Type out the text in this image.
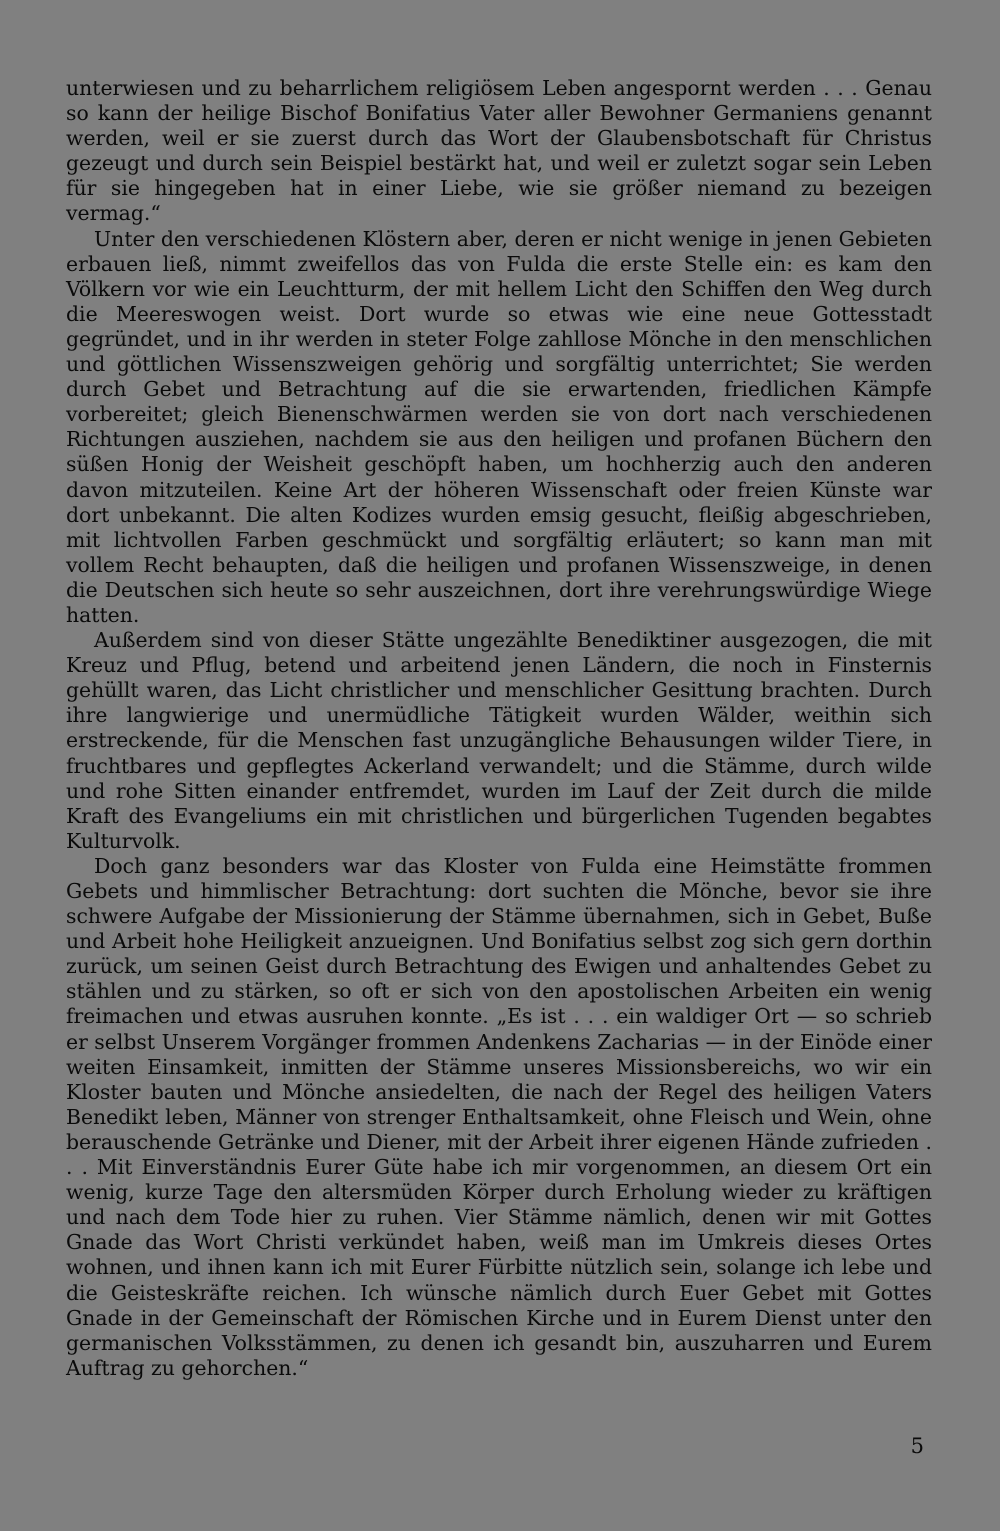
unterwiesen und zu beharrlichem religiösem Leben angespornt werden . . . Genau so kann der heilige Bischof Bonifatius Vater aller Bewohner Germaniens genannt werden, weil er sie zuerst durch das Wort der Glaubensbotschaft für Christus gezeugt und durch sein Beispiel bestärkt hat, und weil er zuletzt sogar sein Leben für sie hingegeben hat in einer Liebe, wie sie größer niemand zu bezeigen vermag.“

Unter den verschiedenen Klöstern aber, deren er nicht wenige in jenen Gebieten erbauen ließ, nimmt zweifellos das von Fulda die erste Stelle ein: es kam den Völkern vor wie ein Leuchtturm, der mit hellem Licht den Schiffen den Weg durch die Meereswogen weist. Dort wurde so etwas wie eine neue Gottesstadt gegründet, und in ihr werden in steter Folge zahllose Mönche in den menschlichen und göttlichen Wissenszweigen gehörig und sorgfältig unterrichtet; Sie werden durch Gebet und Betrachtung auf die sie erwartenden, friedlichen Kämpfe vorbereitet; gleich Bienenschwärmen werden sie von dort nach verschiedenen Richtungen ausziehen, nachdem sie aus den heiligen und profanen Büchern den süßen Honig der Weisheit geschöpft haben, um hochherzig auch den anderen davon mitzuteilen. Keine Art der höheren Wissenschaft oder freien Künste war dort unbekannt. Die alten Kodizes wurden emsig gesucht, fleißig abgeschrieben, mit lichtvollen Farben geschmückt und sorgfältig erläutert; so kann man mit vollem Recht behaupten, daß die heiligen und profanen Wissenszweige, in denen die Deutschen sich heute so sehr auszeichnen, dort ihre verehrungswürdige Wiege hatten.

Außerdem sind von dieser Stätte ungezählte Benediktiner ausgezogen, die mit Kreuz und Pflug, betend und arbeitend jenen Ländern, die noch in Finsternis gehüllt waren, das Licht christlicher und menschlicher Gesittung brachten. Durch ihre langwierige und unermüdliche Tätigkeit wurden Wälder, weithin sich erstreckende, für die Menschen fast unzugängliche Behausungen wilder Tiere, in fruchtbares und gepflegtes Ackerland verwandelt; und die Stämme, durch wilde und rohe Sitten einander entfremdet, wurden im Lauf der Zeit durch die milde Kraft des Evangeliums ein mit christlichen und bürgerlichen Tugenden begabtes Kulturvolk.

Doch ganz besonders war das Kloster von Fulda eine Heimstätte frommen Gebets und himmlischer Betrachtung: dort suchten die Mönche, bevor sie ihre schwere Aufgabe der Missionierung der Stämme übernahmen, sich in Gebet, Buße und Arbeit hohe Heiligkeit anzueignen. Und Bonifatius selbst zog sich gern dorthin zurück, um seinen Geist durch Betrachtung des Ewigen und anhaltendes Gebet zu stählen und zu stärken, so oft er sich von den apostolischen Arbeiten ein wenig freimachen und etwas ausruhen konnte. „Es ist . . . ein waldiger Ort — so schrieb er selbst Unserem Vorgänger frommen Andenkens Zacharias — in der Einöde einer weiten Einsamkeit, inmitten der Stämme unseres Missionsbereichs, wo wir ein Kloster bauten und Mönche ansiedelten, die nach der Regel des heiligen Vaters Benedikt leben, Männer von strenger Enthaltsamkeit, ohne Fleisch und Wein, ohne berauschende Getränke und Diener, mit der Arbeit ihrer eigenen Hände zufrieden . . . Mit Einverständnis Eurer Güte habe ich mir vorgenommen, an diesem Ort ein wenig, kurze Tage den altersmüden Körper durch Erholung wieder zu kräftigen und nach dem Tode hier zu ruhen. Vier Stämme nämlich, denen wir mit Gottes Gnade das Wort Christi verkündet haben, weiß man im Umkreis dieses Ortes wohnen, und ihnen kann ich mit Eurer Fürbitte nützlich sein, solange ich lebe und die Geisteskräfte reichen. Ich wünsche nämlich durch Euer Gebet mit Gottes Gnade in der Gemeinschaft der Römischen Kirche und in Eurem Dienst unter den germanischen Volksstämmen, zu denen ich gesandt bin, auszuharren und Eurem Auftrag zu gehorchen.“

5
